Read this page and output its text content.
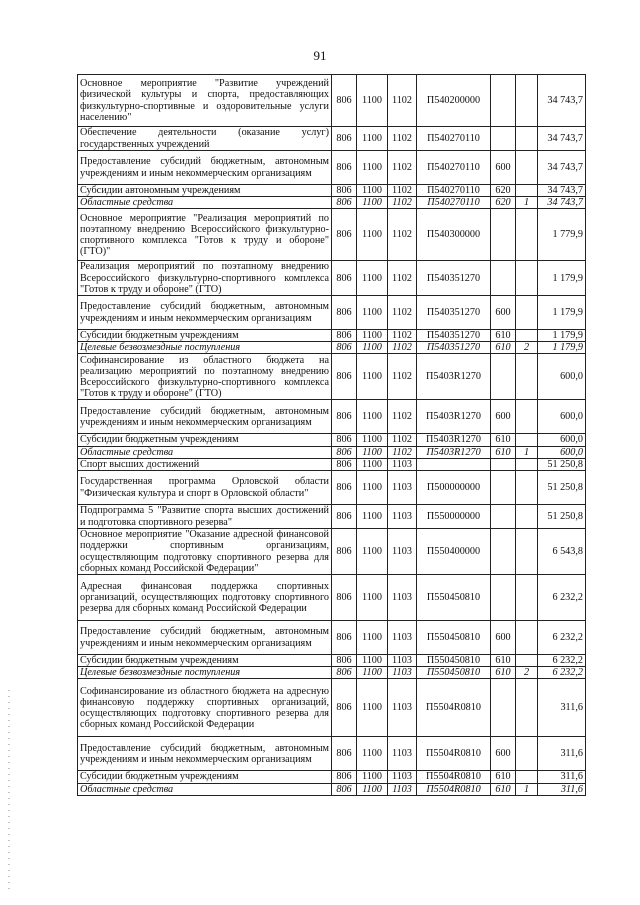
91
Основное мероприятие "Развитие учреждений физической культуры и спорта, предоставляющих физкультурно-спортивные и оздоровительные услуги населению"	806	1100	1102	П540200000			34 743,7
Обеспечение деятельности (оказание услуг) государственных учреждений	806	1100	1102	П540270110			34 743,7
Предоставление субсидий бюджетным, автономным учреждениям и иным некоммерческим организациям	806	1100	1102	П540270110	600		34 743,7
Субсидии автономным учреждениям	806	1100	1102	П540270110	620		34 743,7
Областные средства	806	1100	1102	П540270110	620	1	34 743,7
Основное мероприятие "Реализация мероприятий по поэтапному внедрению Всероссийского физкультурно-спортивного комплекса "Готов к труду и обороне" (ГТО)"	806	1100	1102	П540300000			1 779,9
Реализация мероприятий по поэтапному внедрению Всероссийского физкультурно-спортивного комплекса "Готов к труду и обороне" (ГТО)	806	1100	1102	П540351270			1 179,9
Предоставление субсидий бюджетным, автономным учреждениям и иным некоммерческим организациям	806	1100	1102	П540351270	600		1 179,9
Субсидии бюджетным учреждениям	806	1100	1102	П540351270	610		1 179,9
Целевые безвозмездные поступления	806	1100	1102	П540351270	610	2	1 179,9
Софинансирование из областного бюджета на реализацию мероприятий по поэтапному внедрению Всероссийского физкультурно-спортивного комплекса "Готов к труду и обороне" (ГТО)	806	1100	1102	П5403R1270			600,0
Предоставление субсидий бюджетным, автономным учреждениям и иным некоммерческим организациям	806	1100	1102	П5403R1270	600		600,0
Субсидии бюджетным учреждениям	806	1100	1102	П5403R1270	610		600,0
Областные средства	806	1100	1102	П5403R1270	610	1	600,0
Спорт высших достижений	806	1100	1103				51 250,8
Государственная программа Орловской области "Физическая культура и спорт в Орловской области"	806	1100	1103	П500000000			51 250,8
Подпрограмма 5 "Развитие спорта высших достижений и подготовка спортивного резерва"	806	1100	1103	П550000000			51 250,8
Основное мероприятие "Оказание адресной финансовой поддержки спортивным организациям, осуществляющим подготовку спортивного резерва для сборных команд Российской Федерации"	806	1100	1103	П550400000			6 543,8
Адресная финансовая поддержка спортивных организаций, осуществляющих подготовку спортивного резерва для сборных команд Российской Федерации	806	1100	1103	П550450810			6 232,2
Предоставление субсидий бюджетным, автономным учреждениям и иным некоммерческим организациям	806	1100	1103	П550450810	600		6 232,2
Субсидии бюджетным учреждениям	806	1100	1103	П550450810	610		6 232,2
Целевые безвозмездные поступления	806	1100	1103	П550450810	610	2	6 232,2
Софинансирование из областного бюджета на адресную финансовую поддержку спортивных организаций, осуществляющих подготовку спортивного резерва для сборных команд Российской Федерации	806	1100	1103	П5504R0810			311,6
Предоставление субсидий бюджетным, автономным учреждениям и иным некоммерческим организациям	806	1100	1103	П5504R0810	600		311,6
Субсидии бюджетным учреждениям	806	1100	1103	П5504R0810	610		311,6
Областные средства	806	1100	1103	П5504R0810	610	1	311,6
